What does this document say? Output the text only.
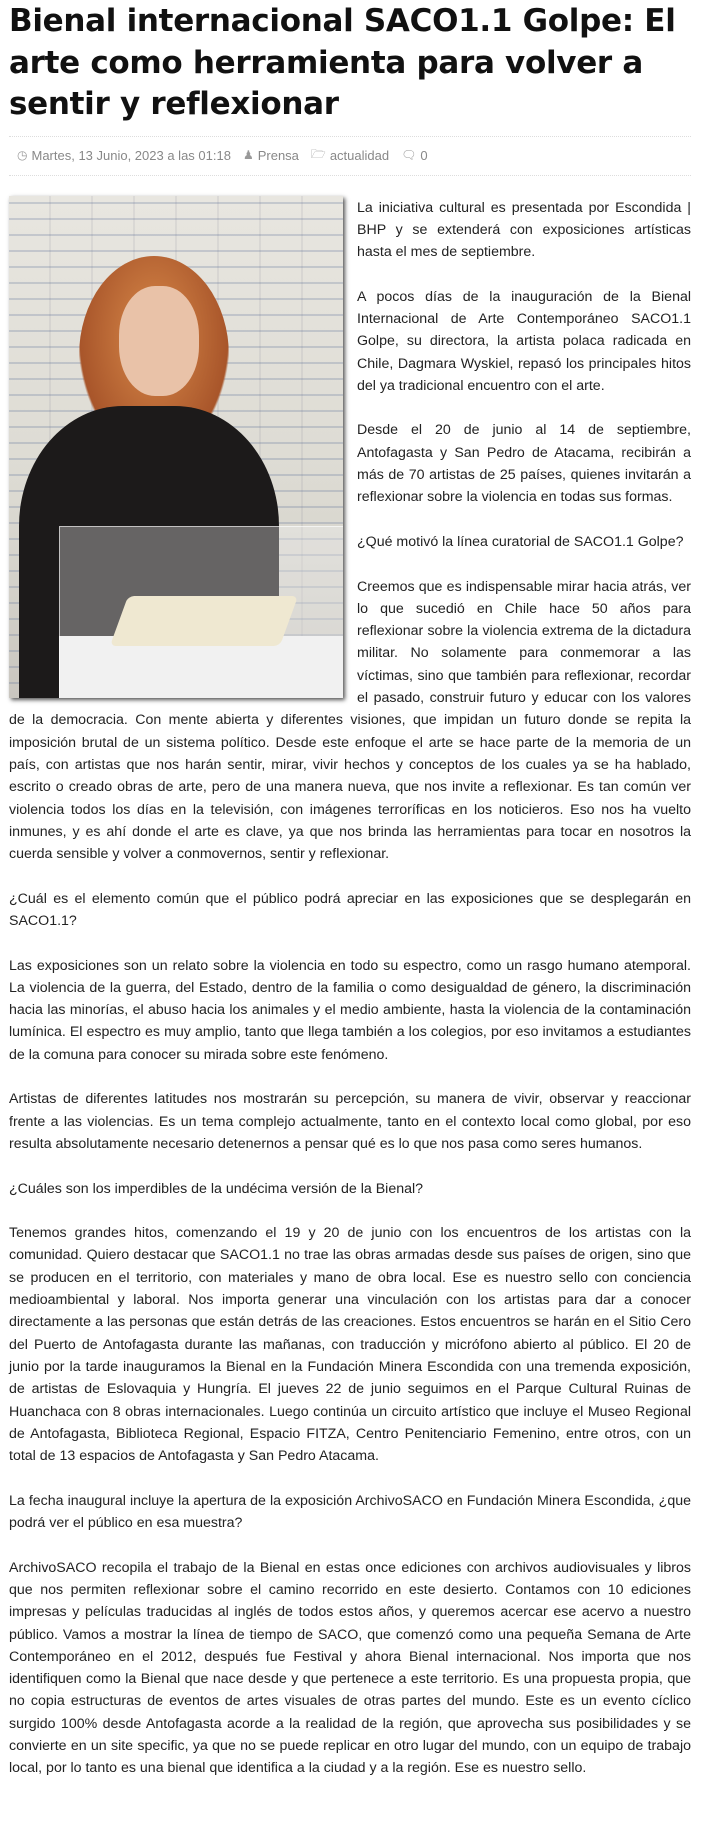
Bienal internacional SACO1.1 Golpe: El arte como herramienta para volver a sentir y reflexionar
◷ Martes, 13 Junio, 2023 a las 01:18 ♟ Prensa 🗁 actualidad 🗨 0

La iniciativa cultural es presentada por Escondida | BHP y se extenderá con exposiciones artísticas hasta el mes de septiembre.

A pocos días de la inauguración de la Bienal Internacional de Arte Contemporáneo SACO1.1 Golpe, su directora, la artista polaca radicada en Chile, Dagmara Wyskiel, repasó los principales hitos del ya tradicional encuentro con el arte.

Desde el 20 de junio al 14 de septiembre, Antofagasta y San Pedro de Atacama, recibirán a más de 70 artistas de 25 países, quienes invitarán a reflexionar sobre la violencia en todas sus formas.

¿Qué motivó la línea curatorial de SACO1.1 Golpe?

Creemos que es indispensable mirar hacia atrás, ver lo que sucedió en Chile hace 50 años para reflexionar sobre la violencia extrema de la dictadura militar. No solamente para conmemorar a las víctimas, sino que también para reflexionar, recordar el pasado, construir futuro y educar con los valores de la democracia. Con mente abierta y diferentes visiones, que impidan un futuro donde se repita la imposición brutal de un sistema político. Desde este enfoque el arte se hace parte de la memoria de un país, con artistas que nos harán sentir, mirar, vivir hechos y conceptos de los cuales ya se ha hablado, escrito o creado obras de arte, pero de una manera nueva, que nos invite a reflexionar. Es tan común ver violencia todos los días en la televisión, con imágenes terroríficas en los noticieros. Eso nos ha vuelto inmunes, y es ahí donde el arte es clave, ya que nos brinda las herramientas para tocar en nosotros la cuerda sensible y volver a conmovernos, sentir y reflexionar.

¿Cuál es el elemento común que el público podrá apreciar en las exposiciones que se desplegarán en SACO1.1?

Las exposiciones son un relato sobre la violencia en todo su espectro, como un rasgo humano atemporal. La violencia de la guerra, del Estado, dentro de la familia o como desigualdad de género, la discriminación hacia las minorías, el abuso hacia los animales y el medio ambiente, hasta la violencia de la contaminación lumínica. El espectro es muy amplio, tanto que llega también a los colegios, por eso invitamos a estudiantes de la comuna para conocer su mirada sobre este fenómeno.

Artistas de diferentes latitudes nos mostrarán su percepción, su manera de vivir, observar y reaccionar frente a las violencias. Es un tema complejo actualmente, tanto en el contexto local como global, por eso resulta absolutamente necesario detenernos a pensar qué es lo que nos pasa como seres humanos.

¿Cuáles son los imperdibles de la undécima versión de la Bienal?

Tenemos grandes hitos, comenzando el 19 y 20 de junio con los encuentros de los artistas con la comunidad. Quiero destacar que SACO1.1 no trae las obras armadas desde sus países de origen, sino que se producen en el territorio, con materiales y mano de obra local. Ese es nuestro sello con conciencia medioambiental y laboral. Nos importa generar una vinculación con los artistas para dar a conocer directamente a las personas que están detrás de las creaciones. Estos encuentros se harán en el Sitio Cero del Puerto de Antofagasta durante las mañanas, con traducción y micrófono abierto al público. El 20 de junio por la tarde inauguramos la Bienal en la Fundación Minera Escondida con una tremenda exposición, de artistas de Eslovaquia y Hungría. El jueves 22 de junio seguimos en el Parque Cultural Ruinas de Huanchaca con 8 obras internacionales. Luego continúa un circuito artístico que incluye el Museo Regional de Antofagasta, Biblioteca Regional, Espacio FITZA, Centro Penitenciario Femenino, entre otros, con un total de 13 espacios de Antofagasta y San Pedro Atacama.

La fecha inaugural incluye la apertura de la exposición ArchivoSACO en Fundación Minera Escondida, ¿que podrá ver el público en esa muestra?

ArchivoSACO recopila el trabajo de la Bienal en estas once ediciones con archivos audiovisuales y libros que nos permiten reflexionar sobre el camino recorrido en este desierto. Contamos con 10 ediciones impresas y películas traducidas al inglés de todos estos años, y queremos acercar ese acervo a nuestro público. Vamos a mostrar la línea de tiempo de SACO, que comenzó como una pequeña Semana de Arte Contemporáneo en el 2012, después fue Festival y ahora Bienal internacional. Nos importa que nos identifiquen como la Bienal que nace desde y que pertenece a este territorio. Es una propuesta propia, que no copia estructuras de eventos de artes visuales de otras partes del mundo. Este es un evento cíclico surgido 100% desde Antofagasta acorde a la realidad de la región, que aprovecha sus posibilidades y se convierte en un site specific, ya que no se puede replicar en otro lugar del mundo, con un equipo de trabajo local, por lo tanto es una bienal que identifica a la ciudad y a la región. Ese es nuestro sello.
